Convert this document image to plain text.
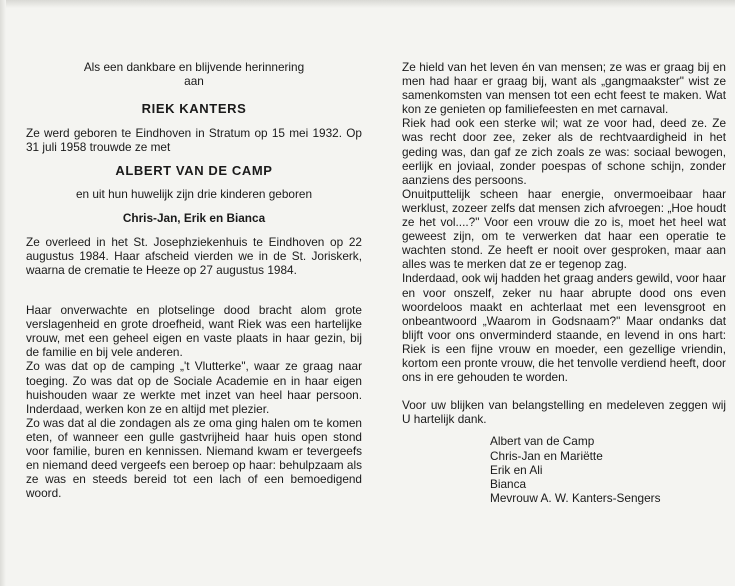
Als een dankbare en blijvende herinnering

aan

RIEK KANTERS

Ze werd geboren te Eindhoven in Stratum op 15 mei 1932. Op 31 juli 1958 trouwde ze met

ALBERT VAN DE CAMP

en uit hun huwelijk zijn drie kinderen geboren

Chris-Jan, Erik en Bianca

Ze overleed in het St. Josephziekenhuis te Eindhoven op 22 augustus 1984. Haar afscheid vierden we in de St. Joriskerk, waarna de crematie te Heeze op 27 augustus 1984.

Haar onverwachte en plotselinge dood bracht alom grote verslagenheid en grote droefheid, want Riek was een hartelijke vrouw, met een geheel eigen en vaste plaats in haar gezin, bij de familie en bij vele anderen.

Zo was dat op de camping „'t Vlutterke", waar ze graag naar toeging. Zo was dat op de Sociale Academie en in haar eigen huishouden waar ze werkte met inzet van heel haar persoon. Inderdaad, werken kon ze en altijd met plezier.

Zo was dat al die zondagen als ze oma ging halen om te komen eten, of wanneer een gulle gastvrijheid haar huis open stond voor familie, buren en kennissen. Niemand kwam er tevergeefs en niemand deed vergeefs een beroep op haar: behulpzaam als ze was en steeds bereid tot een lach of een bemoedigend woord.

Ze hield van het leven én van mensen; ze was er graag bij en men had haar er graag bij, want als „gangmaakster" wist ze samenkomsten van mensen tot een echt feest te maken. Wat kon ze genieten op familiefeesten en met carnaval.

Riek had ook een sterke wil; wat ze voor had, deed ze. Ze was recht door zee, zeker als de rechtvaardigheid in het geding was, dan gaf ze zich zoals ze was: sociaal bewogen, eerlijk en joviaal, zonder poespas of schone schijn, zonder aanziens des persoons.

Onuitputtelijk scheen haar energie, onvermoeibaar haar werklust, zozeer zelfs dat mensen zich afvroegen: „Hoe houdt ze het vol....?" Voor een vrouw die zo is, moet het heel wat geweest zijn, om te verwerken dat haar een operatie te wachten stond. Ze heeft er nooit over gesproken, maar aan alles was te merken dat ze er tegenop zag.

Inderdaad, ook wij hadden het graag anders gewild, voor haar en voor onszelf, zeker nu haar abrupte dood ons even woordeloos maakt en achterlaat met een levensgroot en onbeantwoord „Waarom in Godsnaam?" Maar ondanks dat blijft voor ons onverminderd staande, en levend in ons hart: Riek is een fijne vrouw en moeder, een gezellige vriendin, kortom een pronte vrouw, die het tenvolle verdiend heeft, door ons in ere gehouden te worden.

Voor uw blijken van belangstelling en medeleven zeggen wij U hartelijk dank.

Albert van de Camp
Chris-Jan en Mariëtte
Erik en Ali
Bianca
Mevrouw A. W. Kanters-Sengers
